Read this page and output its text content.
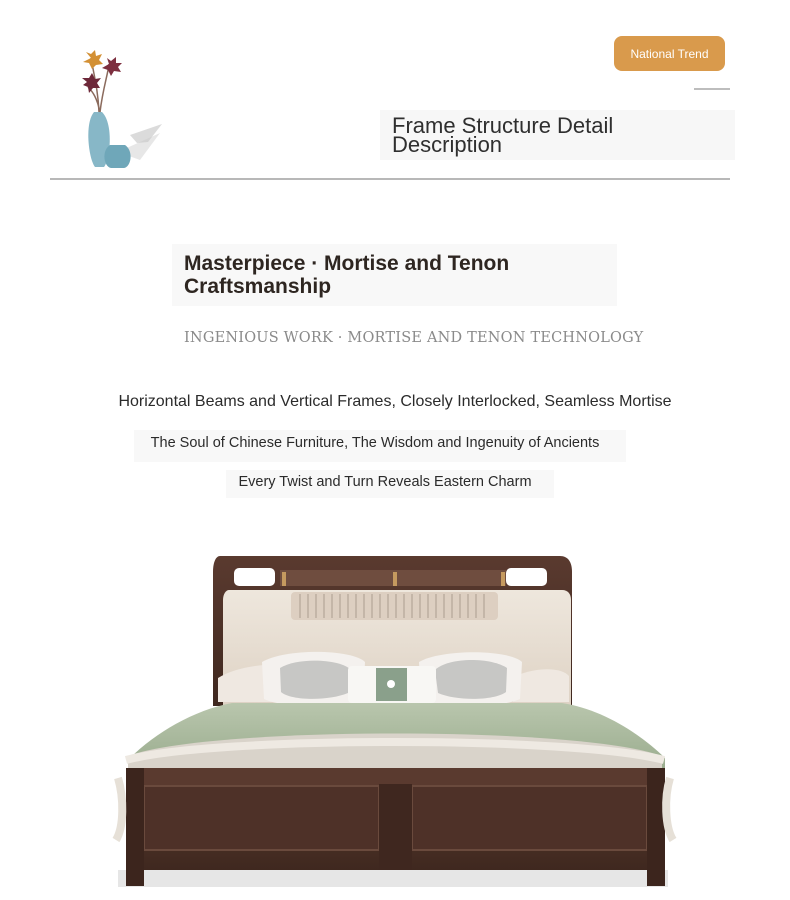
National Trend
Frame Structure Detail Description
Masterpiece · Mortise and Tenon Craftsmanship
INGENIOUS WORK · MORTISE AND TENON TECHNOLOGY
Horizontal Beams and Vertical Frames, Closely Interlocked, Seamless Mortise
The Soul of Chinese Furniture, The Wisdom and Ingenuity of Ancients
Every Twist and Turn Reveals Eastern Charm
